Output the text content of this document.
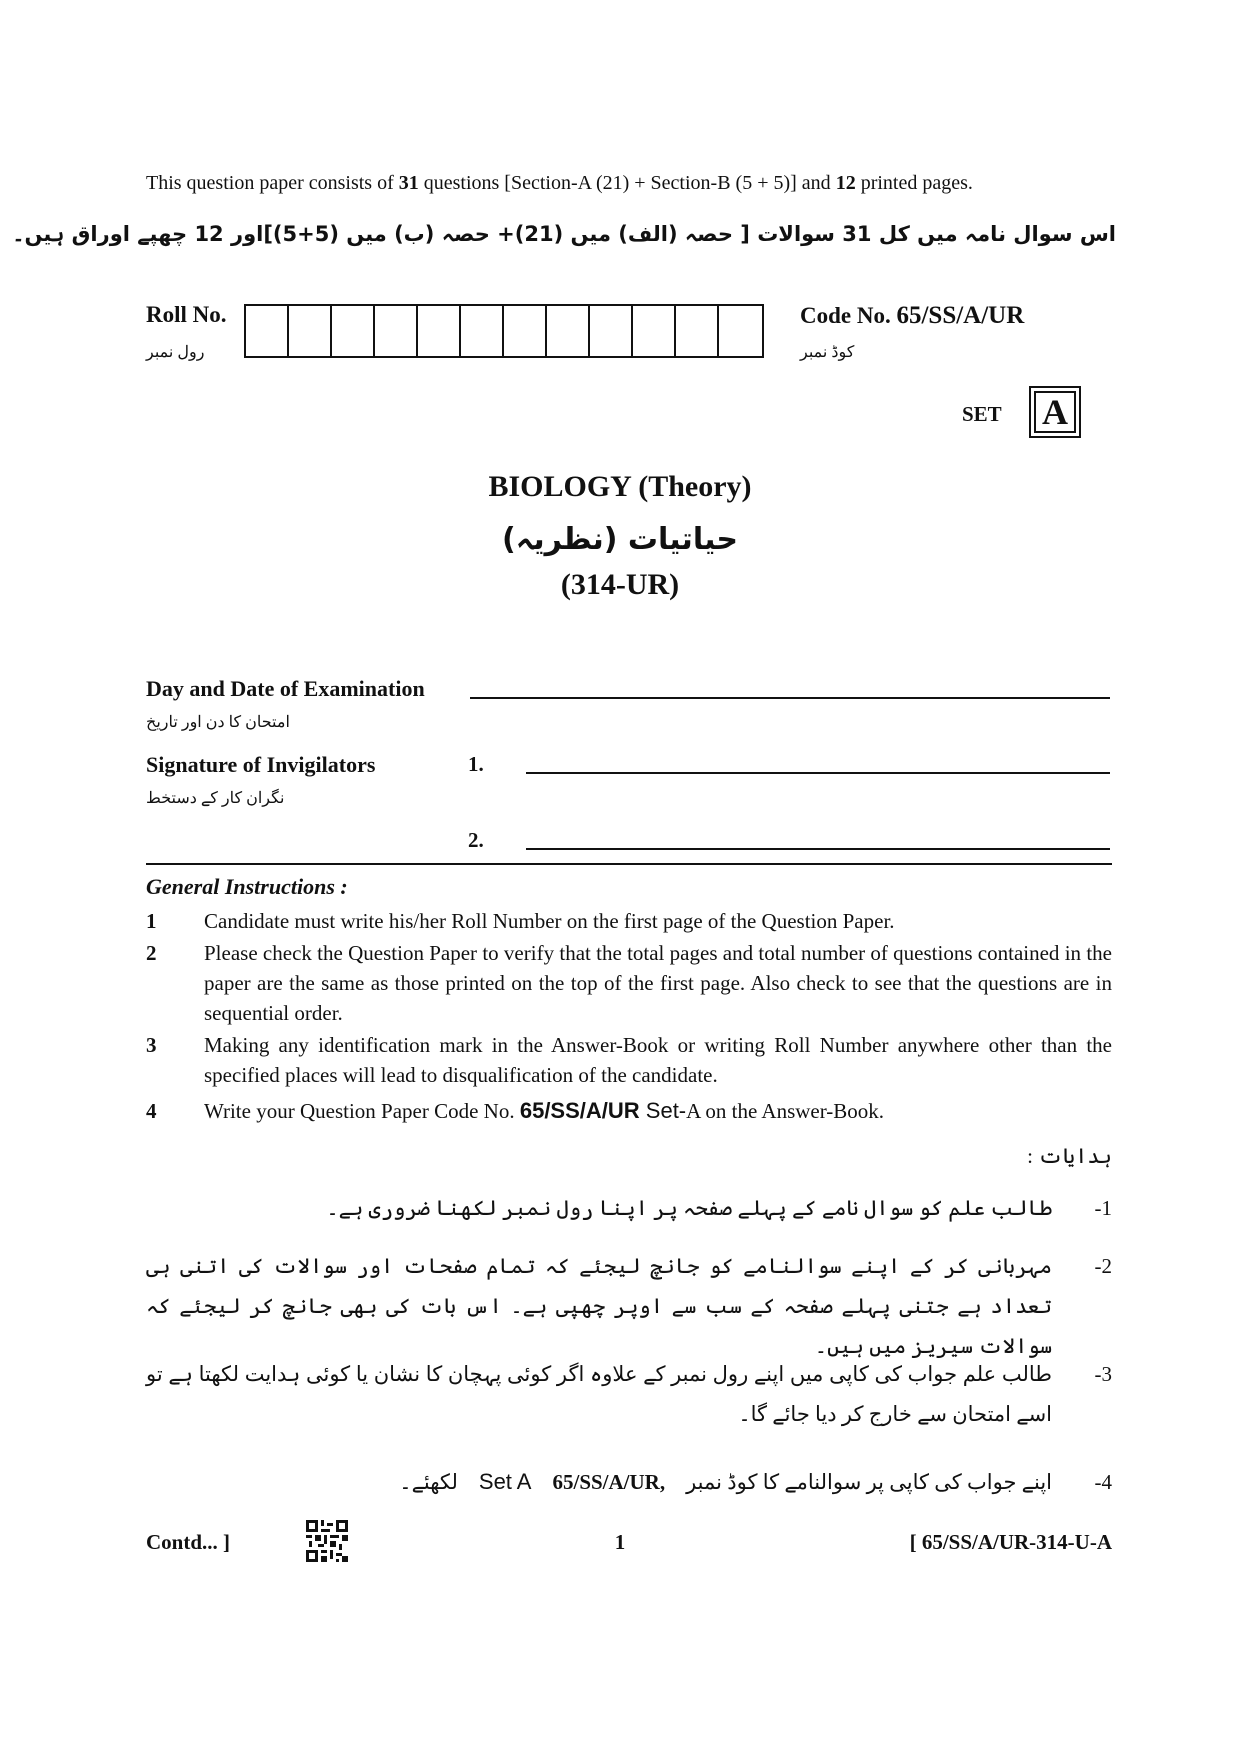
This question paper consists of 31 questions [Section-A (21) + Section-B (5 + 5)] and 12 printed pages.
اس سوال نامہ میں کل 31 سوالات [ حصہ (الف) میں (21)+ حصہ (ب) میں (5+5)]اور 12 چھپے اوراق ہیں۔
Roll No.
رول نمبر
Code No. 65/SS/A/UR
کوڈ نمبر
SET	A
BIOLOGY (Theory)
حیاتیات (نظریہ)
(314-UR)
Day and Date of Examination
امتحان کا دن اور تاریخ
Signature of Invigilators
نگران کار کے دستخط
1.
2.
General Instructions :
1	Candidate must write his/her Roll Number on the first page of the Question Paper.
2	Please check the Question Paper to verify that the total pages and total number of questions contained in the paper are the same as those printed on the top of the first page. Also check to see that the questions are in sequential order.
3	Making any identification mark in the Answer-Book or writing Roll Number anywhere other than the specified places will lead to disqualification of the candidate.
4	Write your Question Paper Code No. 65/SS/A/UR Set-A on the Answer-Book.
ہدایات :
-1
طالب علم کو سوال نامے کے پہلے صفحہ پر اپنا رول نمبر لکھنا ضروری ہے۔
-2
مہربانی کر کے اپنے سوالنامے کو جانچ لیجئے کہ تمام صفحات اور سوالات کی اتنی ہی تعداد ہے جتنی پہلے صفحہ کے سب سے اوپر چھپی ہے۔ اس بات کی بھی جانچ کر لیجئے کہ سوالات سیریز میں ہیں۔
-3
طالب علم جواب کی کاپی میں اپنے رول نمبر کے علاوہ اگر کوئی پہچان کا نشان یا کوئی ہدایت لکھتا ہے تو اسے امتحان سے خارج کر دیا جائے گا۔
-4
اپنے جواب کی کاپی پر سوالنامے کا کوڈ نمبر    Set A 65/SS/A/UR,    لکھئے۔
Contd... ]	1	[ 65/SS/A/UR-314-U-A
